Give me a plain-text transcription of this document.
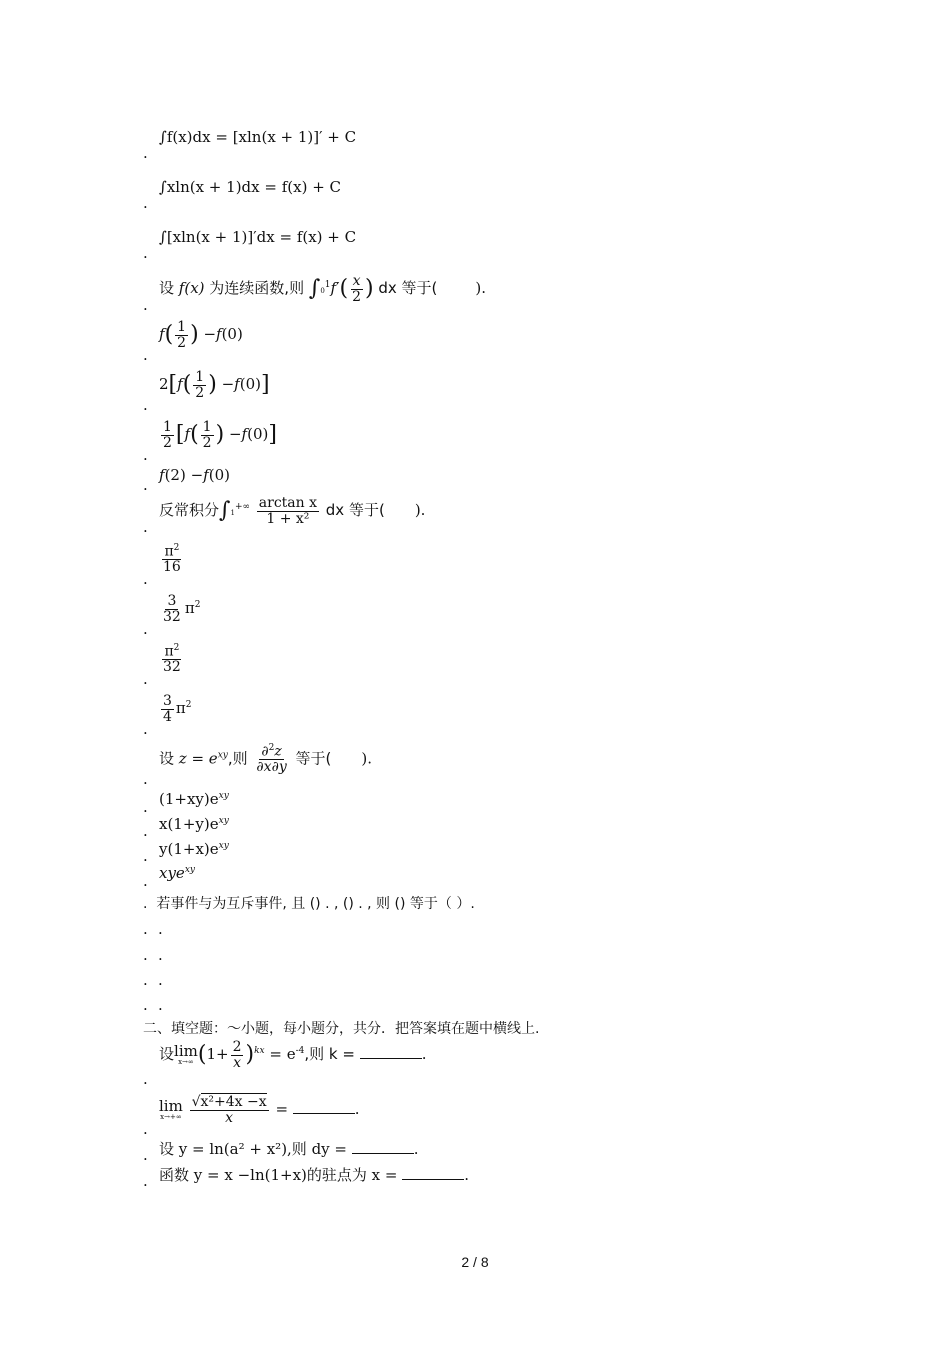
.
∫f(x)dx = [xln(x + 1)]′ + C
.
∫xln(x + 1)dx = f(x) + C
.
∫[xln(x + 1)]′dx = f(x) + C
.
设 f(x) 为连续函数,则 $\int 0^1f'( \frac{x}{2}$ ) dx 等于(	).
.
$f( \frac{1}{2}$ ) −f(0)
.
$2[f( \frac{1}{2}$ ) −f(0)]
.
$\frac{1}{2} [f( \frac{1}{2}$ ) −f(0)]
.
f(2) −f(0)
.
反常积分$\int 1^{+\infty} \frac{\text{arctan x}}{\text{1 + x²}}$ dx 等于( ).
.
$\frac{\pi^2}{16}$
.
$\frac{3}{32} \pi^2$
.
$\frac{\pi^2}{32}$
.
$\frac{3}{4} \pi^2$
.
设 $z = e^{xy}$,则 $\frac{\partial^2z}{\partial x\partial y}$ 等于( ).
. $(1+xy)e^{xy}$
. $x(1+y)e^{xy}$
. $y(1+x)e^{xy}$
. xye$^{xy}$
.  若事件与为互斥事件, 且 () . , () . , 则 () 等于（ ）.
. .
. .
. .
. .
二、填空题：～小题，每小题分，共分．把答案填在题中横线上.
.
设 lim
x→∞ $(1+ \frac{2}{x} )^{kx} = e^{-4}$,则 k =	.
.
lim
x→+∞
$\frac{\text{√x²+4x −x}}{x}$ =	.
. 设 y = ln(a² + x²),则 dy =	.
. 函数 y = x −ln(1+x)的驻点为 x =	.
2 / 8
